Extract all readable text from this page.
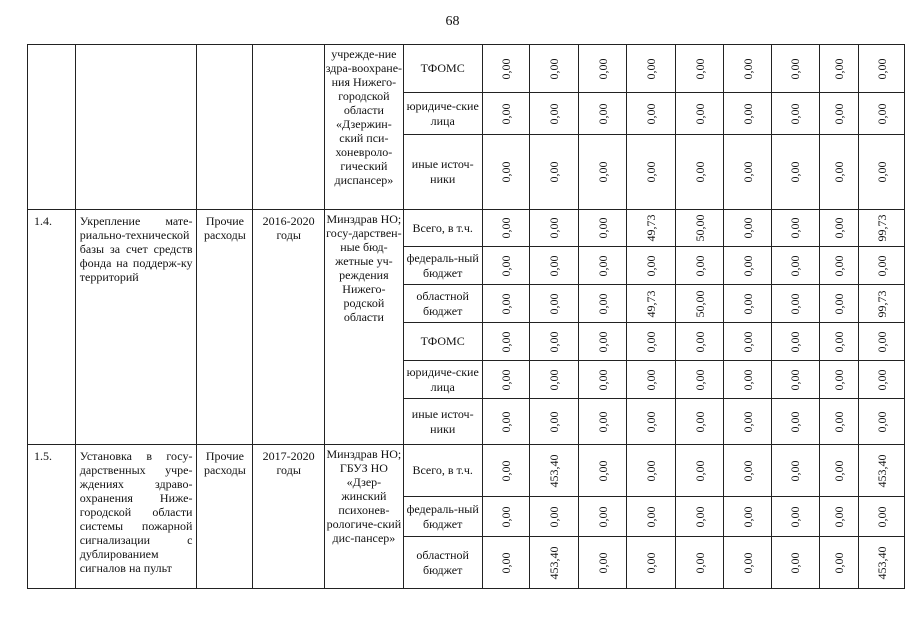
68
				учрежде-ние здра-воохране-ния Нижего-городской области «Дзержин-ский пси-хоневроло-гический диспансер»	ТФОМС	0,00	0,00	0,00	0,00	0,00	0,00	0,00	0,00	0,00

					юридиче-ские лица	0,00	0,00	0,00	0,00	0,00	0,00	0,00	0,00	0,00

					иные источ-ники	0,00	0,00	0,00	0,00	0,00	0,00	0,00	0,00	0,00

1.4.	Укрепление мате-риально-технической базы за счет средств фонда на поддерж-ку территорий	Прочие расходы	2016-2020 годы	Минздрав НО; госу-дарствен-ные бюд-жетные уч-реждения Нижего-родской области	Всего, в т.ч.	0,00	0,00	0,00	49,73	50,00	0,00	0,00	0,00	99,73

					федераль-ный бюджет	0,00	0,00	0,00	0,00	0,00	0,00	0,00	0,00	0,00

					областной бюджет	0,00	0,00	0,00	49,73	50,00	0,00	0,00	0,00	99,73

					ТФОМС	0,00	0,00	0,00	0,00	0,00	0,00	0,00	0,00	0,00

					юридиче-ские лица	0,00	0,00	0,00	0,00	0,00	0,00	0,00	0,00	0,00

					иные источ-ники	0,00	0,00	0,00	0,00	0,00	0,00	0,00	0,00	0,00

1.5.	Установка в госу-дарственных учре-ждениях здраво-охранения Ниже-городской области системы пожарной сигнализации с дублированием сигналов на пульт	Прочие расходы	2017-2020 годы	Минздрав НО; ГБУЗ НО «Дзер-жинский психонев-рологиче-ский дис-пансер»	Всего, в т.ч.	0,00	453,40	0,00	0,00	0,00	0,00	0,00	0,00	453,40

					федераль-ный бюджет	0,00	0,00	0,00	0,00	0,00	0,00	0,00	0,00	0,00

					областной бюджет	0,00	453,40	0,00	0,00	0,00	0,00	0,00	0,00	453,40
